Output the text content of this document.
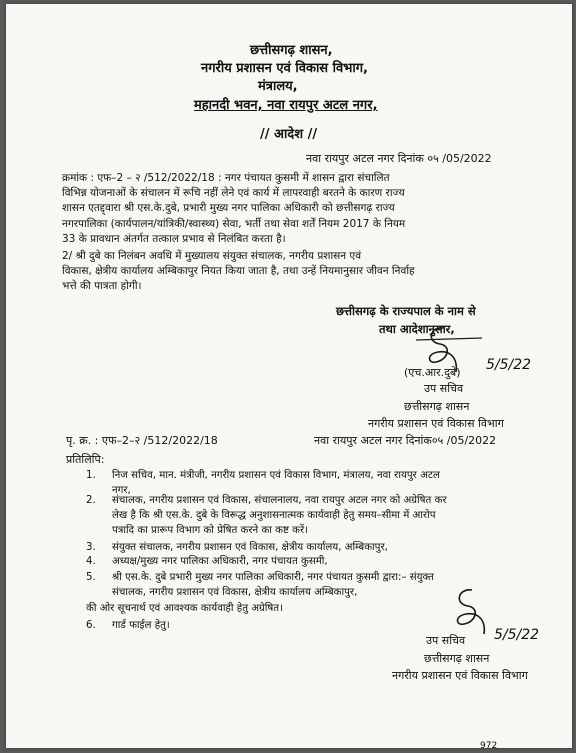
छत्तीसगढ़ शासन,
नगरीय प्रशासन एवं विकास विभाग,
मंत्रालय,
महानदी भवन, नवा रायपुर अटल नगर,
// आदेश //
नवा रायपुर अटल नगर दिनांक ०५ /05/2022
क्रमांक : एफ–2 – २ /512/2022/18 : नगर पंचायत कुसमी में शासन द्वारा संचालित
विभिन्न योजनाओं के संचालन में रूचि नहीं लेने एवं कार्य में लापरवाही बरतने के कारण राज्य
शासन एतद्द्वारा श्री एस.के.दुबे, प्रभारी मुख्य नगर पालिका अधिकारी को छत्तीसगढ़ राज्य
नगरपालिका (कार्यपालन/यांत्रिकी/स्वास्थ्य) सेवा, भर्ती तथा सेवा शर्तें नियम 2017 के नियम
33 के प्रावधान अंतर्गत तत्काल प्रभाव से निलंबित करता है।
2/ श्री दुबे का निलंबन अवधि में मुख्यालय संयुक्त संचालक, नगरीय प्रशासन एवं
विकास, क्षेत्रीय कार्यालय अम्बिकापुर नियत किया जाता है, तथा उन्हें नियमानुसार जीवन निर्वाह
भत्ते की पात्रता होगी।
छत्तीसगढ़ के राज्यपाल के नाम से
तथा आदेशानुसार,
(एच.आर.दुबे) 5/5/22
उप सचिव
छत्तीसगढ़ शासन
नगरीय प्रशासन एवं विकास विभाग
पृ. क्र. : एफ–2–२ /512/2022/18	नवा रायपुर अटल नगर दिनांक०५ /05/2022
प्रतिलिपि:
1.	निज सचिव, मान. मंत्रीजी, नगरीय प्रशासन एवं विकास विभाग, मंत्रालय, नवा रायपुर अटल
नगर,
2.	संचालक, नगरीय प्रशासन एवं विकास, संचालनालय, नवा रायपुर अटल नगर को अग्रेषित कर
लेख है कि श्री एस.के. दुबे के विरूद्ध अनुशासनात्मक कार्यवाही हेतु समय–सीमा में आरोप
पत्रादि का प्रारूप विभाग को प्रेषित करने का कष्ट करें।
3.	संयुक्त संचालक, नगरीय प्रशासन एवं विकास, क्षेत्रीय कार्यालय, अम्बिकापुर,
4.	अध्यक्ष/मुख्य नगर पालिका अधिकारी, नगर पंचायत कुसमी,
5.	श्री एस.के. दुबे प्रभारी मुख्य नगर पालिका अधिकारी, नगर पंचायत कुसमी द्वारा:– संयुक्त
संचालक, नगरीय प्रशासन एवं विकास, क्षेत्रीय कार्यालय अम्बिकापुर,
की ओर सूचनार्थ एवं आवश्यक कार्यवाही हेतु अग्रेषित।
6.	गार्ड फाईल हेतु।
उप सचिव 5/5/22
छत्तीसगढ़ शासन
नगरीय प्रशासन एवं विकास विभाग
972
